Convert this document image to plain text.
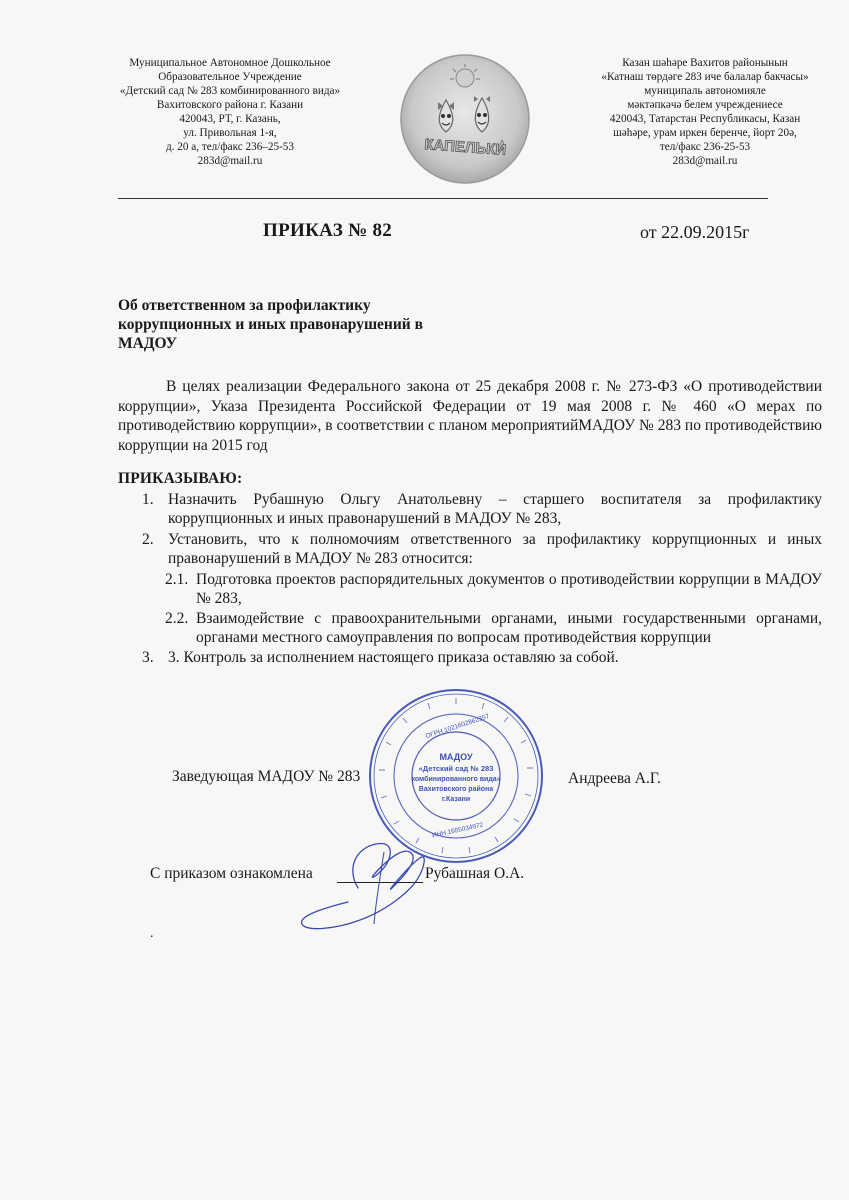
Муниципальное Автономное Дошкольное
Образовательное Учреждение
«Детский сад № 283 комбинированного вида»
Вахитовского района г. Казани
420043, РТ, г. Казань,
ул. Привольная 1-я,
д. 20 а, тел/факс 236–25-53
283d@mail.ru
КАПЕЛЬКИ
Казан шәһәре Вахитов районынын
«Катнаш төрдәге 283 иче балалар бакчасы»
муниципаль автономияле
мәктәпкәчә белем учреждениесе
420043, Татарстан Республикасы, Казан
шәһәре, урам иркен беренче, йорт 20ә,
тел/факс 236-25-53
283d@mail.ru
ПРИКАЗ № 82	от 22.09.2015г
Об ответственном за профилактику
коррупционных и иных правонарушений в
МАДОУ
В целях реализации Федерального закона от 25 декабря 2008 г. № 273-ФЗ «О противодействии коррупции», Указа Президента Российской Федерации от 19 мая 2008 г. № 460 «О мерах по противодействию коррупции», в соответствии с планом мероприятийМАДОУ № 283 по противодействию коррупции на 2015 год
ПРИКАЗЫВАЮ:
1. Назначить Рубашную Ольгу Анатольевну – старшего воспитателя за профилактику коррупционных и иных правонарушений в МАДОУ № 283,
2. Установить, что к полномочиям ответственного за профилактику коррупционных и иных правонарушений в МАДОУ № 283 относится:
2.1. Подготовка проектов распорядительных документов о противодействии коррупции в МАДОУ № 283,
2.2. Взаимодействие с правоохранительными органами, иными государственными органами, органами местного самоуправления по вопросам противодействия коррупции
3. 3. Контроль за исполнением настоящего приказа оставляю за собой.
МАДОУ
«Детский сад № 283
комбинированного вида»
Вахитовского района
г.Казани
ОГРН 1021602862357
ИНН 1655034972
Заведующая МАДОУ № 283	Андреева А.Г.
С приказом ознакомлена	Рубашная О.А.
.
